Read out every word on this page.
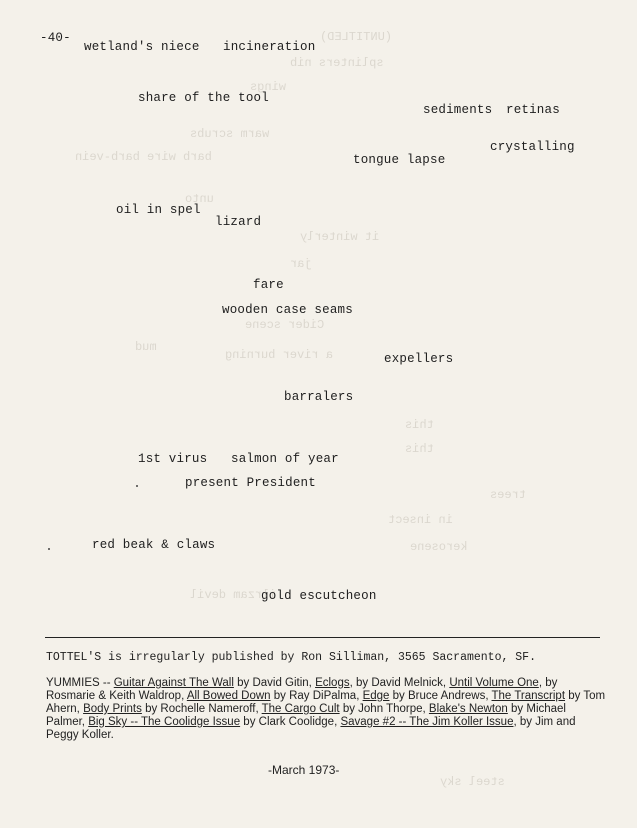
(UNTITLED)
splinters nib
wings
warm scrubs
barb wire barb-vein
unto
it winterly
jar
Cider scene
a river burning
mud
this
this
trees
in insect
kerosene
ilrzam devil
steel sky
-40-
wetland's niece incineration
share of the tool
sediments retinas
crystalling
tongue lapse
oil in spel
lizard
fare
wooden case seams
expellers
barralers
1st virus salmon of year
present President
red beak & claws
gold escutcheon
TOTTEL'S is irregularly published by Ron Silliman, 3565 Sacramento, SF.
YUMMIES -- Guitar Against The Wall by David Gitin, Eclogs, by David Melnick, Until Volume One, by Rosmarie & Keith Waldrop, All Bowed Down by Ray DiPalma, Edge by Bruce Andrews, The Transcript by Tom Ahern, Body Prints by Rochelle Nameroff, The Cargo Cult by John Thorpe, Blake's Newton by Michael Palmer, Big Sky -- The Coolidge Issue by Clark Coolidge, Savage #2 -- The Jim Koller Issue, by Jim and Peggy Koller.
-March 1973-
